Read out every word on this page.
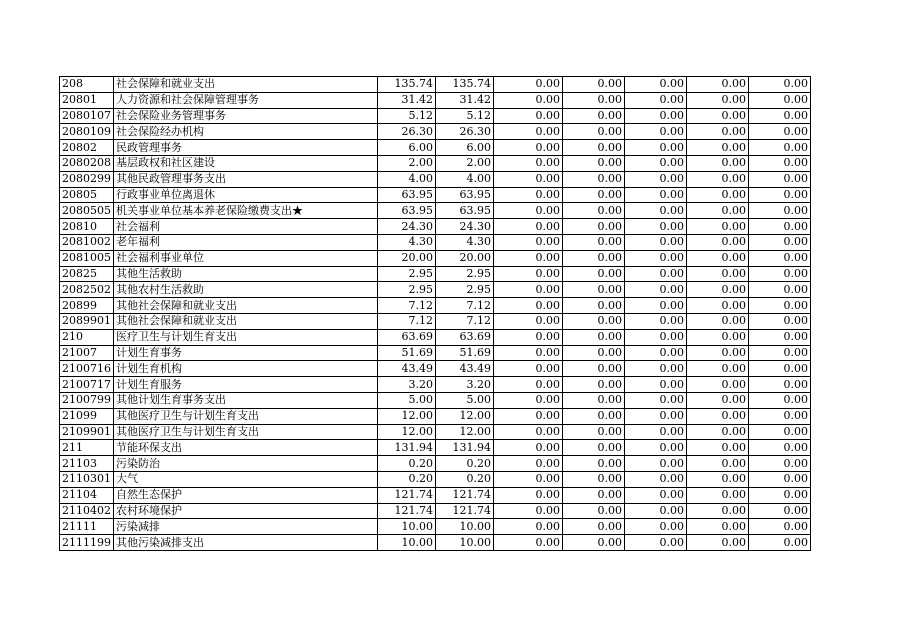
208	社会保障和就业支出	135.74	135.74	0.00	0.00	0.00	0.00	0.00
20801	人力资源和社会保障管理事务	31.42	31.42	0.00	0.00	0.00	0.00	0.00
2080107	社会保险业务管理事务	5.12	5.12	0.00	0.00	0.00	0.00	0.00
2080109	社会保险经办机构	26.30	26.30	0.00	0.00	0.00	0.00	0.00
20802	民政管理事务	6.00	6.00	0.00	0.00	0.00	0.00	0.00
2080208	基层政权和社区建设	2.00	2.00	0.00	0.00	0.00	0.00	0.00
2080299	其他民政管理事务支出	4.00	4.00	0.00	0.00	0.00	0.00	0.00
20805	行政事业单位离退休	63.95	63.95	0.00	0.00	0.00	0.00	0.00
2080505	机关事业单位基本养老保险缴费支出★	63.95	63.95	0.00	0.00	0.00	0.00	0.00
20810	社会福利	24.30	24.30	0.00	0.00	0.00	0.00	0.00
2081002	老年福利	4.30	4.30	0.00	0.00	0.00	0.00	0.00
2081005	社会福利事业单位	20.00	20.00	0.00	0.00	0.00	0.00	0.00
20825	其他生活救助	2.95	2.95	0.00	0.00	0.00	0.00	0.00
2082502	其他农村生活救助	2.95	2.95	0.00	0.00	0.00	0.00	0.00
20899	其他社会保障和就业支出	7.12	7.12	0.00	0.00	0.00	0.00	0.00
2089901	其他社会保障和就业支出	7.12	7.12	0.00	0.00	0.00	0.00	0.00
210	医疗卫生与计划生育支出	63.69	63.69	0.00	0.00	0.00	0.00	0.00
21007	计划生育事务	51.69	51.69	0.00	0.00	0.00	0.00	0.00
2100716	计划生育机构	43.49	43.49	0.00	0.00	0.00	0.00	0.00
2100717	计划生育服务	3.20	3.20	0.00	0.00	0.00	0.00	0.00
2100799	其他计划生育事务支出	5.00	5.00	0.00	0.00	0.00	0.00	0.00
21099	其他医疗卫生与计划生育支出	12.00	12.00	0.00	0.00	0.00	0.00	0.00
2109901	其他医疗卫生与计划生育支出	12.00	12.00	0.00	0.00	0.00	0.00	0.00
211	节能环保支出	131.94	131.94	0.00	0.00	0.00	0.00	0.00
21103	污染防治	0.20	0.20	0.00	0.00	0.00	0.00	0.00
2110301	大气	0.20	0.20	0.00	0.00	0.00	0.00	0.00
21104	自然生态保护	121.74	121.74	0.00	0.00	0.00	0.00	0.00
2110402	农村环境保护	121.74	121.74	0.00	0.00	0.00	0.00	0.00
21111	污染减排	10.00	10.00	0.00	0.00	0.00	0.00	0.00
2111199	其他污染减排支出	10.00	10.00	0.00	0.00	0.00	0.00	0.00
